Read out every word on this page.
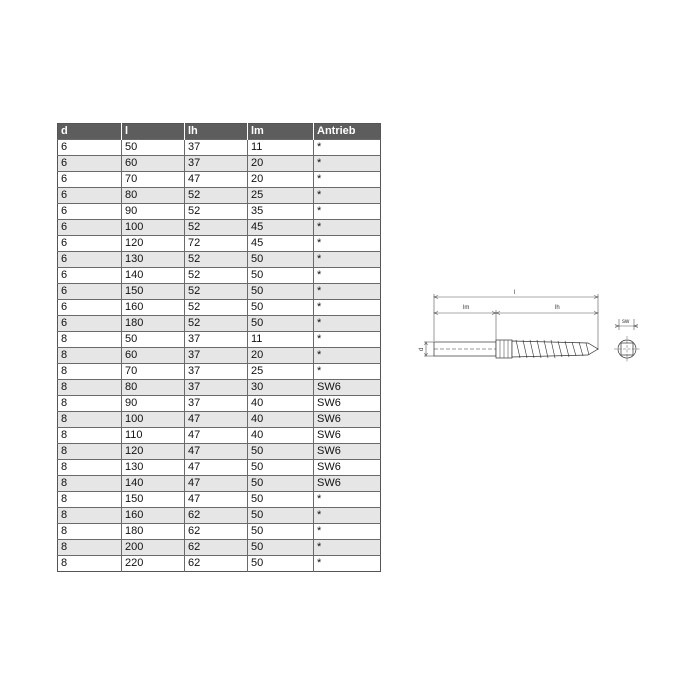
d	l	lh	lm	Antrieb
6	50	37	11	*
6	60	37	20	*
6	70	47	20	*
6	80	52	25	*
6	90	52	35	*
6	100	52	45	*
6	120	72	45	*
6	130	52	50	*
6	140	52	50	*
6	150	52	50	*
6	160	52	50	*
6	180	52	50	*
8	50	37	11	*
8	60	37	20	*
8	70	37	25	*
8	80	37	30	SW6
8	90	37	40	SW6
8	100	47	40	SW6
8	110	47	40	SW6
8	120	47	50	SW6
8	130	47	50	SW6
8	140	47	50	SW6
8	150	47	50	*
8	160	62	50	*
8	180	62	50	*
8	200	62	50	*
8	220	62	50	*
l
lm	lh
d
sw
